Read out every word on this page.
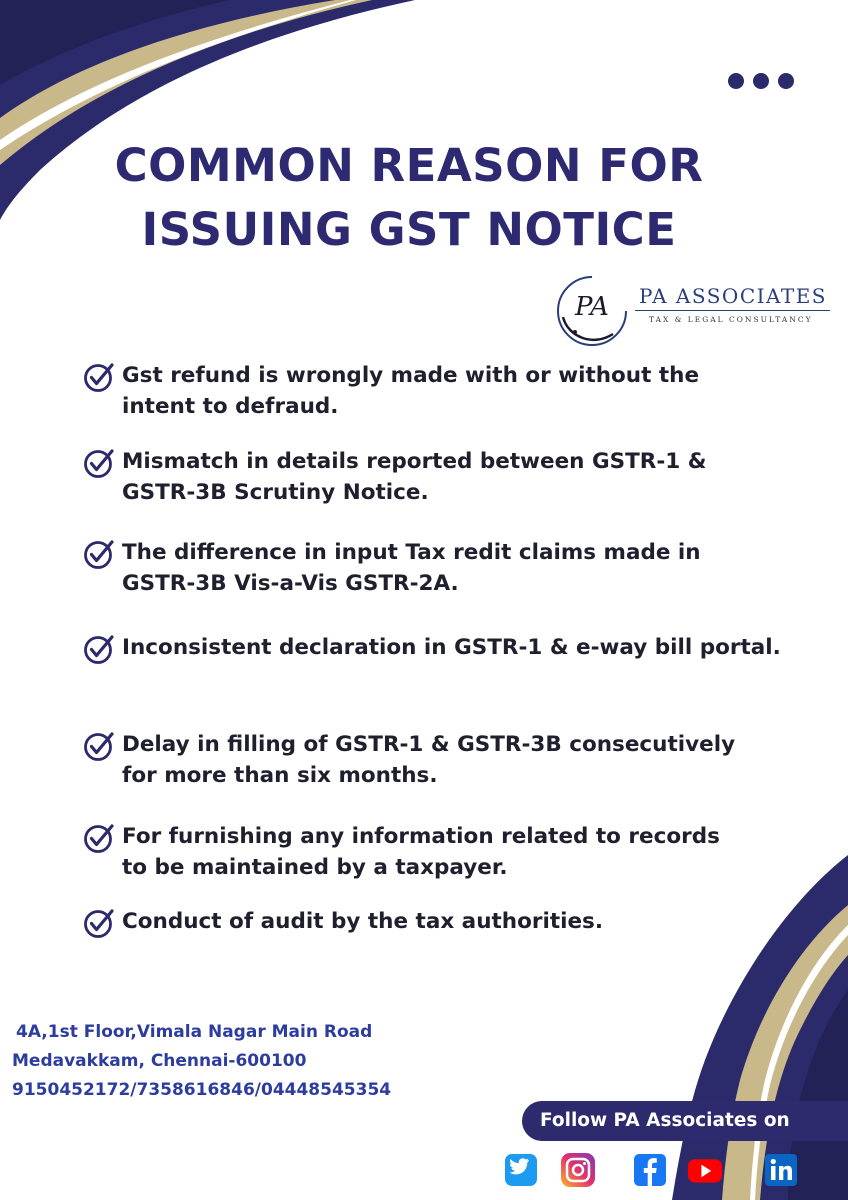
COMMON REASON FOR
ISSUING GST NOTICE
PA PA ASSOCIATES
TAX & LEGAL CONSULTANCY
Gst refund is wrongly made with or without the
intent to defraud.
Mismatch in details reported between GSTR-1 &
GSTR-3B Scrutiny Notice.
The difference in input Tax redit claims made in
GSTR-3B Vis-a-Vis GSTR-2A.
Inconsistent declaration in GSTR-1 & e-way bill portal.
Delay in filling of GSTR-1 & GSTR-3B consecutively
for more than six months.
For furnishing any information related to records
to be maintained by a taxpayer.
Conduct of audit by the tax authorities.
4A,1st Floor,Vimala Nagar Main Road
Medavakkam, Chennai-600100
9150452172/7358616846/04448545354
Follow PA Associates on
